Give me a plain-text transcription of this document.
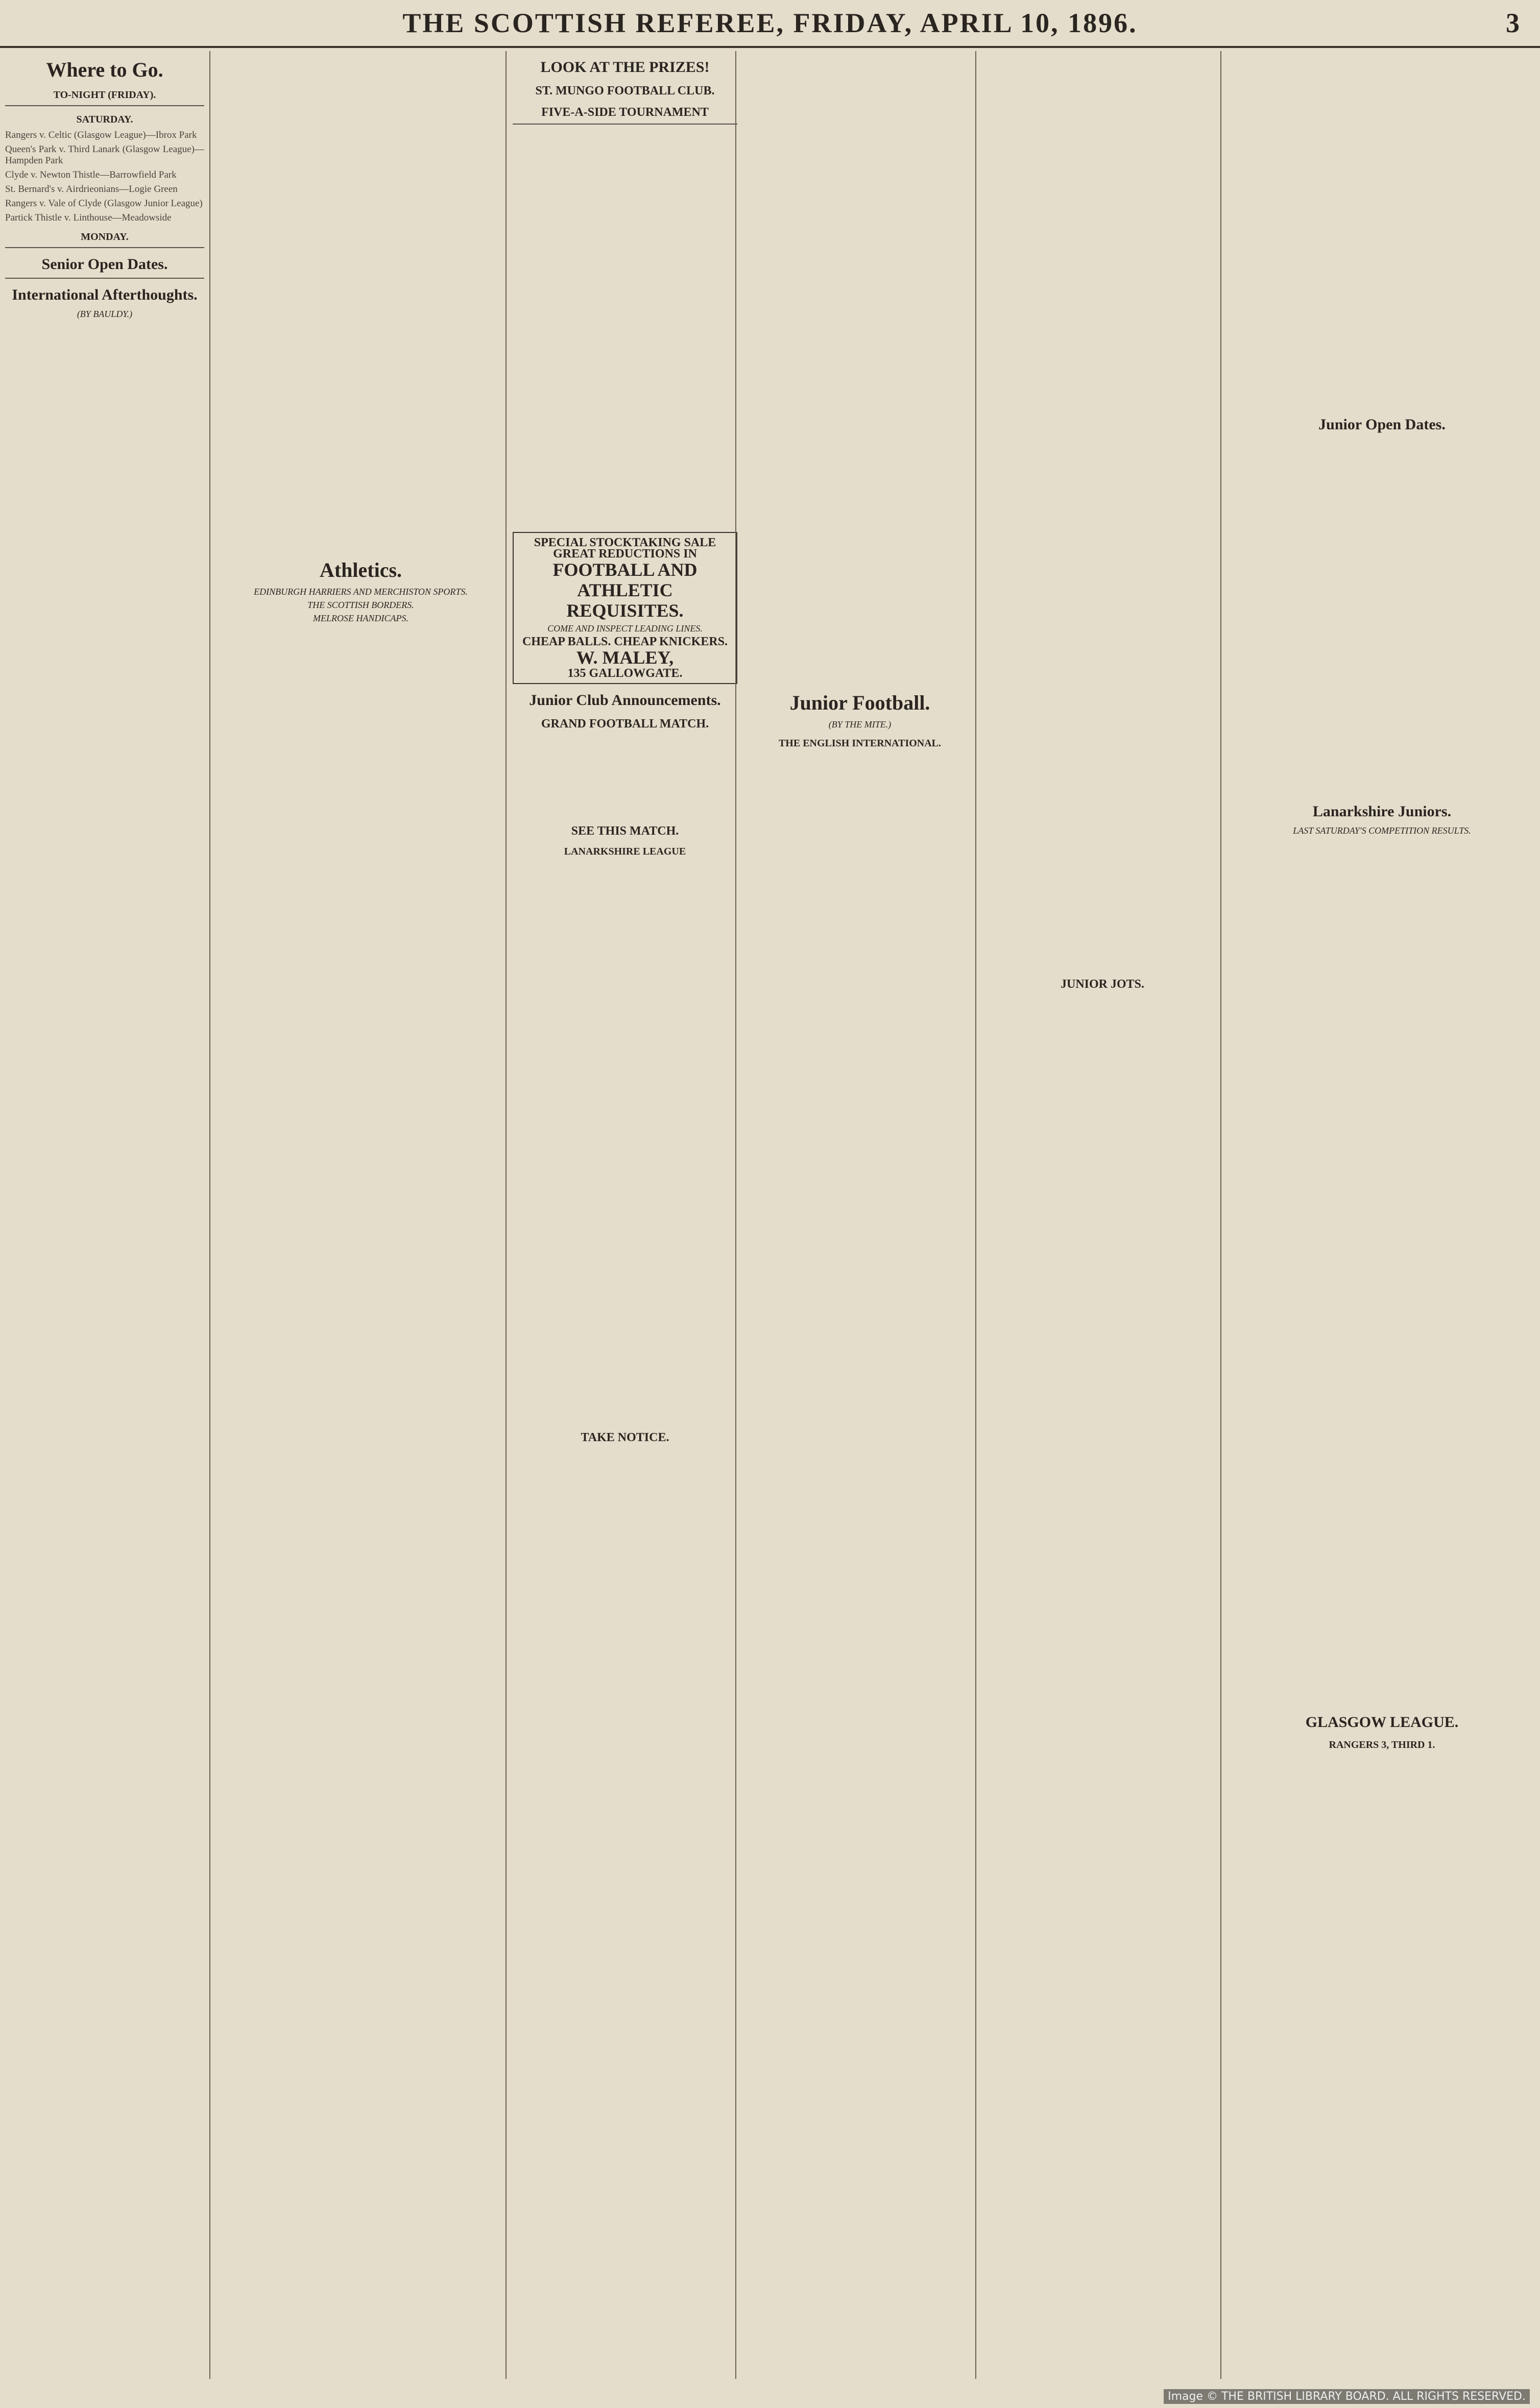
THE SCOTTISH REFEREE, FRIDAY, APRIL 10, 1896.	3
Where to Go.
TO-NIGHT (FRIDAY).
SATURDAY.
Rangers v. Celtic (Glasgow League)—Ibrox Park
Queen's Park v. Third Lanark (Glasgow League)—Hampden Park
Clyde v. Newton Thistle—Barrowfield Park
St. Bernard's v. Airdrieonians—Logie Green
Rangers v. Vale of Clyde (Glasgow Junior League)
Partick Thistle v. Linthouse—Meadowside
MONDAY.
Senior Open Dates.
International Afterthoughts.
(BY BAULDY.)
Athletics.
EDINBURGH HARRIERS AND MERCHISTON SPORTS.
THE SCOTTISH BORDERS.
MELROSE HANDICAPS.
LOOK AT THE PRIZES!
ST. MUNGO FOOTBALL CLUB.
FIVE-A-SIDE TOURNAMENT
SPECIAL STOCKTAKING SALE
GREAT REDUCTIONS IN
FOOTBALL AND ATHLETIC REQUISITES.
COME AND INSPECT LEADING LINES.
CHEAP BALLS. CHEAP KNICKERS.
W. MALEY,
135 GALLOWGATE.
Junior Club Announcements.
GRAND FOOTBALL MATCH.
SEE THIS MATCH.
LANARKSHIRE LEAGUE
TAKE NOTICE.
Junior Football.
(BY THE MITE.)
THE ENGLISH INTERNATIONAL.
JUNIOR JOTS.
Junior Open Dates.
Lanarkshire Juniors.
LAST SATURDAY'S COMPETITION RESULTS.
GLASGOW LEAGUE.
RANGERS 3, THIRD 1.
Image © THE BRITISH LIBRARY BOARD. ALL RIGHTS RESERVED.
